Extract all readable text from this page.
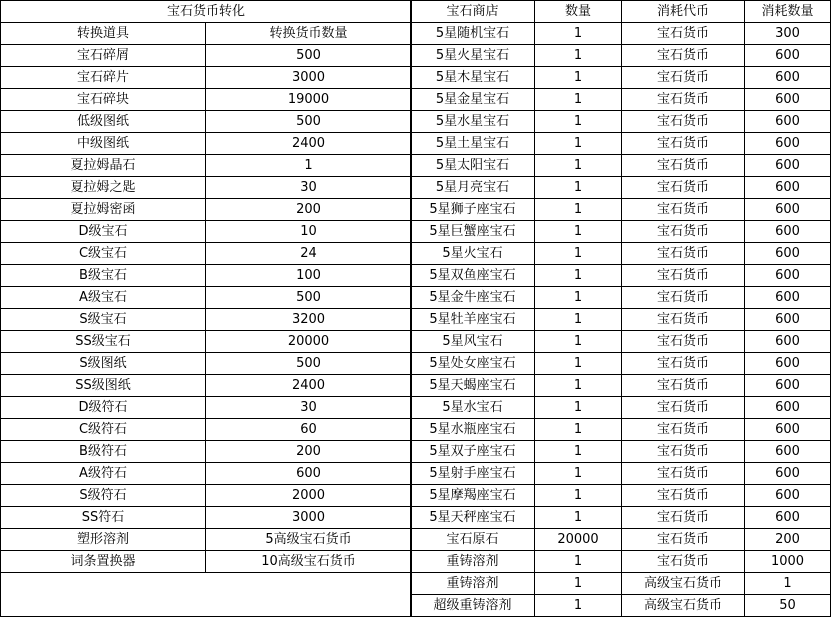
宝石货币转化	
转换道具	转换货币数量
宝石碎屑	500
宝石碎片	3000
宝石碎块	19000
低级图纸	500
中级图纸	2400
夏拉姆晶石	1
夏拉姆之匙	30
夏拉姆密函	200
D级宝石	10
C级宝石	24
B级宝石	100
A级宝石	500
S级宝石	3200
SS级宝石	20000
S级图纸	500
SS级图纸	2400
D级符石	30
C级符石	60
B级符石	200
A级符石	600
S级符石	2000
SS符石	3000
塑形溶剂	5高级宝石货币
词条置换器	10高级宝石货币

宝石商店	数量	消耗代币	消耗数量
5星随机宝石	1	宝石货币	300
5星火星宝石	1	宝石货币	600
5星木星宝石	1	宝石货币	600
5星金星宝石	1	宝石货币	600
5星水星宝石	1	宝石货币	600
5星土星宝石	1	宝石货币	600
5星太阳宝石	1	宝石货币	600
5星月亮宝石	1	宝石货币	600
5星狮子座宝石	1	宝石货币	600
5星巨蟹座宝石	1	宝石货币	600
5星火宝石	1	宝石货币	600
5星双鱼座宝石	1	宝石货币	600
5星金牛座宝石	1	宝石货币	600
5星牡羊座宝石	1	宝石货币	600
5星风宝石	1	宝石货币	600
5星处女座宝石	1	宝石货币	600
5星天蝎座宝石	1	宝石货币	600
5星水宝石	1	宝石货币	600
5星水瓶座宝石	1	宝石货币	600
5星双子座宝石	1	宝石货币	600
5星射手座宝石	1	宝石货币	600
5星摩羯座宝石	1	宝石货币	600
5星天秤座宝石	1	宝石货币	600
宝石原石	20000	宝石货币	200
重铸溶剂	1	宝石货币	1000
重铸溶剂	1	高级宝石货币	1
超级重铸溶剂	1	高级宝石货币	50
